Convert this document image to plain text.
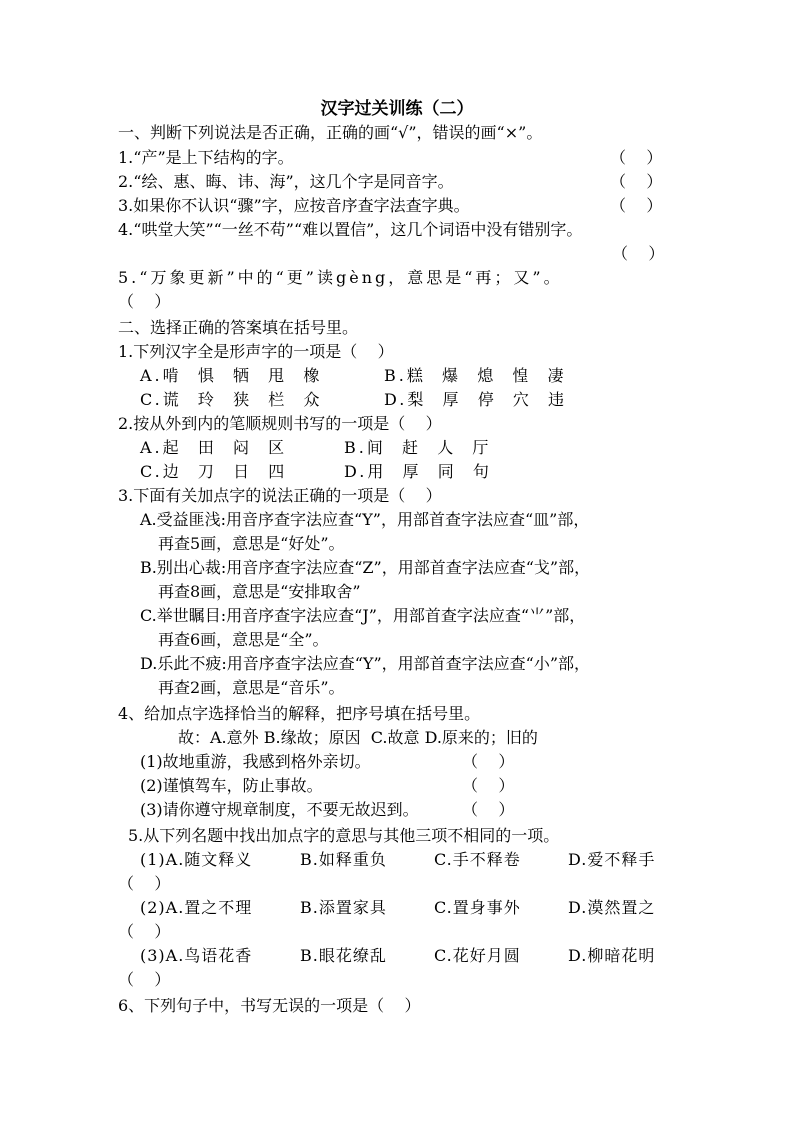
汉字过关训练（二）
一、判断下列说法是否正确，正确的画“√”，错误的画“×”。
1.“产”是上下结构的字。	（    ）
2.“绘、惠、晦、讳、海”，这几个字是同音字。	（    ）
3.如果你不认识“骤”字，应按音序查字法查字典。	（    ）
4.“哄堂大笑”“一丝不苟”“难以置信”，这几个词语中没有错别字。
（    ）
5.“万象更新”中的“更”读gèng，意思是“再；又”。
（    ）
二、选择正确的答案填在括号里。
1.下列汉字全是形声字的一项是（    ）
A.啃  惧  牺  甩  橡	B.糕  爆  熄  惶  凄
C.谎  玲  狭  栏  众	D.梨  厚  停  穴  违
2.按从外到内的笔顺规则书写的一项是（    ）
A.起  田  闷  区	B.间  赶  人  厅
C.边  刀  日  四	D.用  厚  同  句
3.下面有关加点字的说法正确的一项是（    ）
A.受益匪浅:用音序查字法应查“Y”，用部首查字法应查“皿”部，
再查5画，意思是“好处”。
B.别出心裁:用音序查字法应查“Z”，用部首查字法应查“戈”部，
再查8画，意思是“安排取舍”
C.举世瞩目:用音序查字法应查“J”，用部首查字法应查“⺌”部，
再查6画，意思是“全”。
D.乐此不疲:用音序查字法应查“Y”，用部首查字法应查“小”部，
再查2画，意思是“音乐”。
4、给加点字选择恰当的解释，把序号填在括号里。
故：A.意外 B.缘故；原因  C.故意 D.原来的；旧的
(1)故地重游，我感到格外亲切。	（    ）
(2)谨慎驾车，防止事故。	（    ）
(3)请你遵守规章制度，不要无故迟到。	（    ）
5.从下列名题中找出加点字的意思与其他三项不相同的一项。
(1)A.随文释义	B.如释重负	C.手不释卷	D.爱不释手
（    ）
(2)A.置之不理	B.添置家具	C.置身事外	D.漠然置之
（    ）
(3)A.鸟语花香	B.眼花缭乱	C.花好月圆	D.柳暗花明
（    ）
6、下列句子中，书写无误的一项是（    ）
